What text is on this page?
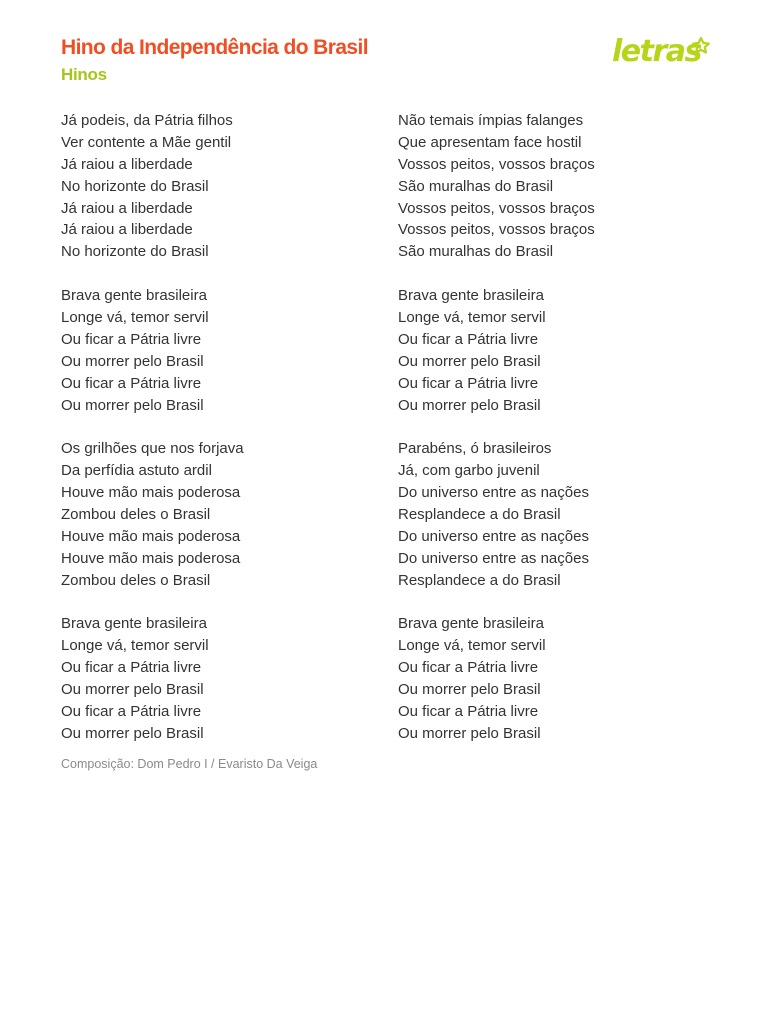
Hino da Independência do Brasil
Hinos
letras
Já podeis, da Pátria filhos
Ver contente a Mãe gentil
Já raiou a liberdade
No horizonte do Brasil
Já raiou a liberdade
Já raiou a liberdade
No horizonte do Brasil
Brava gente brasileira
Longe vá, temor servil
Ou ficar a Pátria livre
Ou morrer pelo Brasil
Ou ficar a Pátria livre
Ou morrer pelo Brasil
Os grilhões que nos forjava
Da perfídia astuto ardil
Houve mão mais poderosa
Zombou deles o Brasil
Houve mão mais poderosa
Houve mão mais poderosa
Zombou deles o Brasil
Brava gente brasileira
Longe vá, temor servil
Ou ficar a Pátria livre
Ou morrer pelo Brasil
Ou ficar a Pátria livre
Ou morrer pelo Brasil
Não temais ímpias falanges
Que apresentam face hostil
Vossos peitos, vossos braços
São muralhas do Brasil
Vossos peitos, vossos braços
Vossos peitos, vossos braços
São muralhas do Brasil
Brava gente brasileira
Longe vá, temor servil
Ou ficar a Pátria livre
Ou morrer pelo Brasil
Ou ficar a Pátria livre
Ou morrer pelo Brasil
Parabéns, ó brasileiros
Já, com garbo juvenil
Do universo entre as nações
Resplandece a do Brasil
Do universo entre as nações
Do universo entre as nações
Resplandece a do Brasil
Brava gente brasileira
Longe vá, temor servil
Ou ficar a Pátria livre
Ou morrer pelo Brasil
Ou ficar a Pátria livre
Ou morrer pelo Brasil
Composição: Dom Pedro I / Evaristo Da Veiga
